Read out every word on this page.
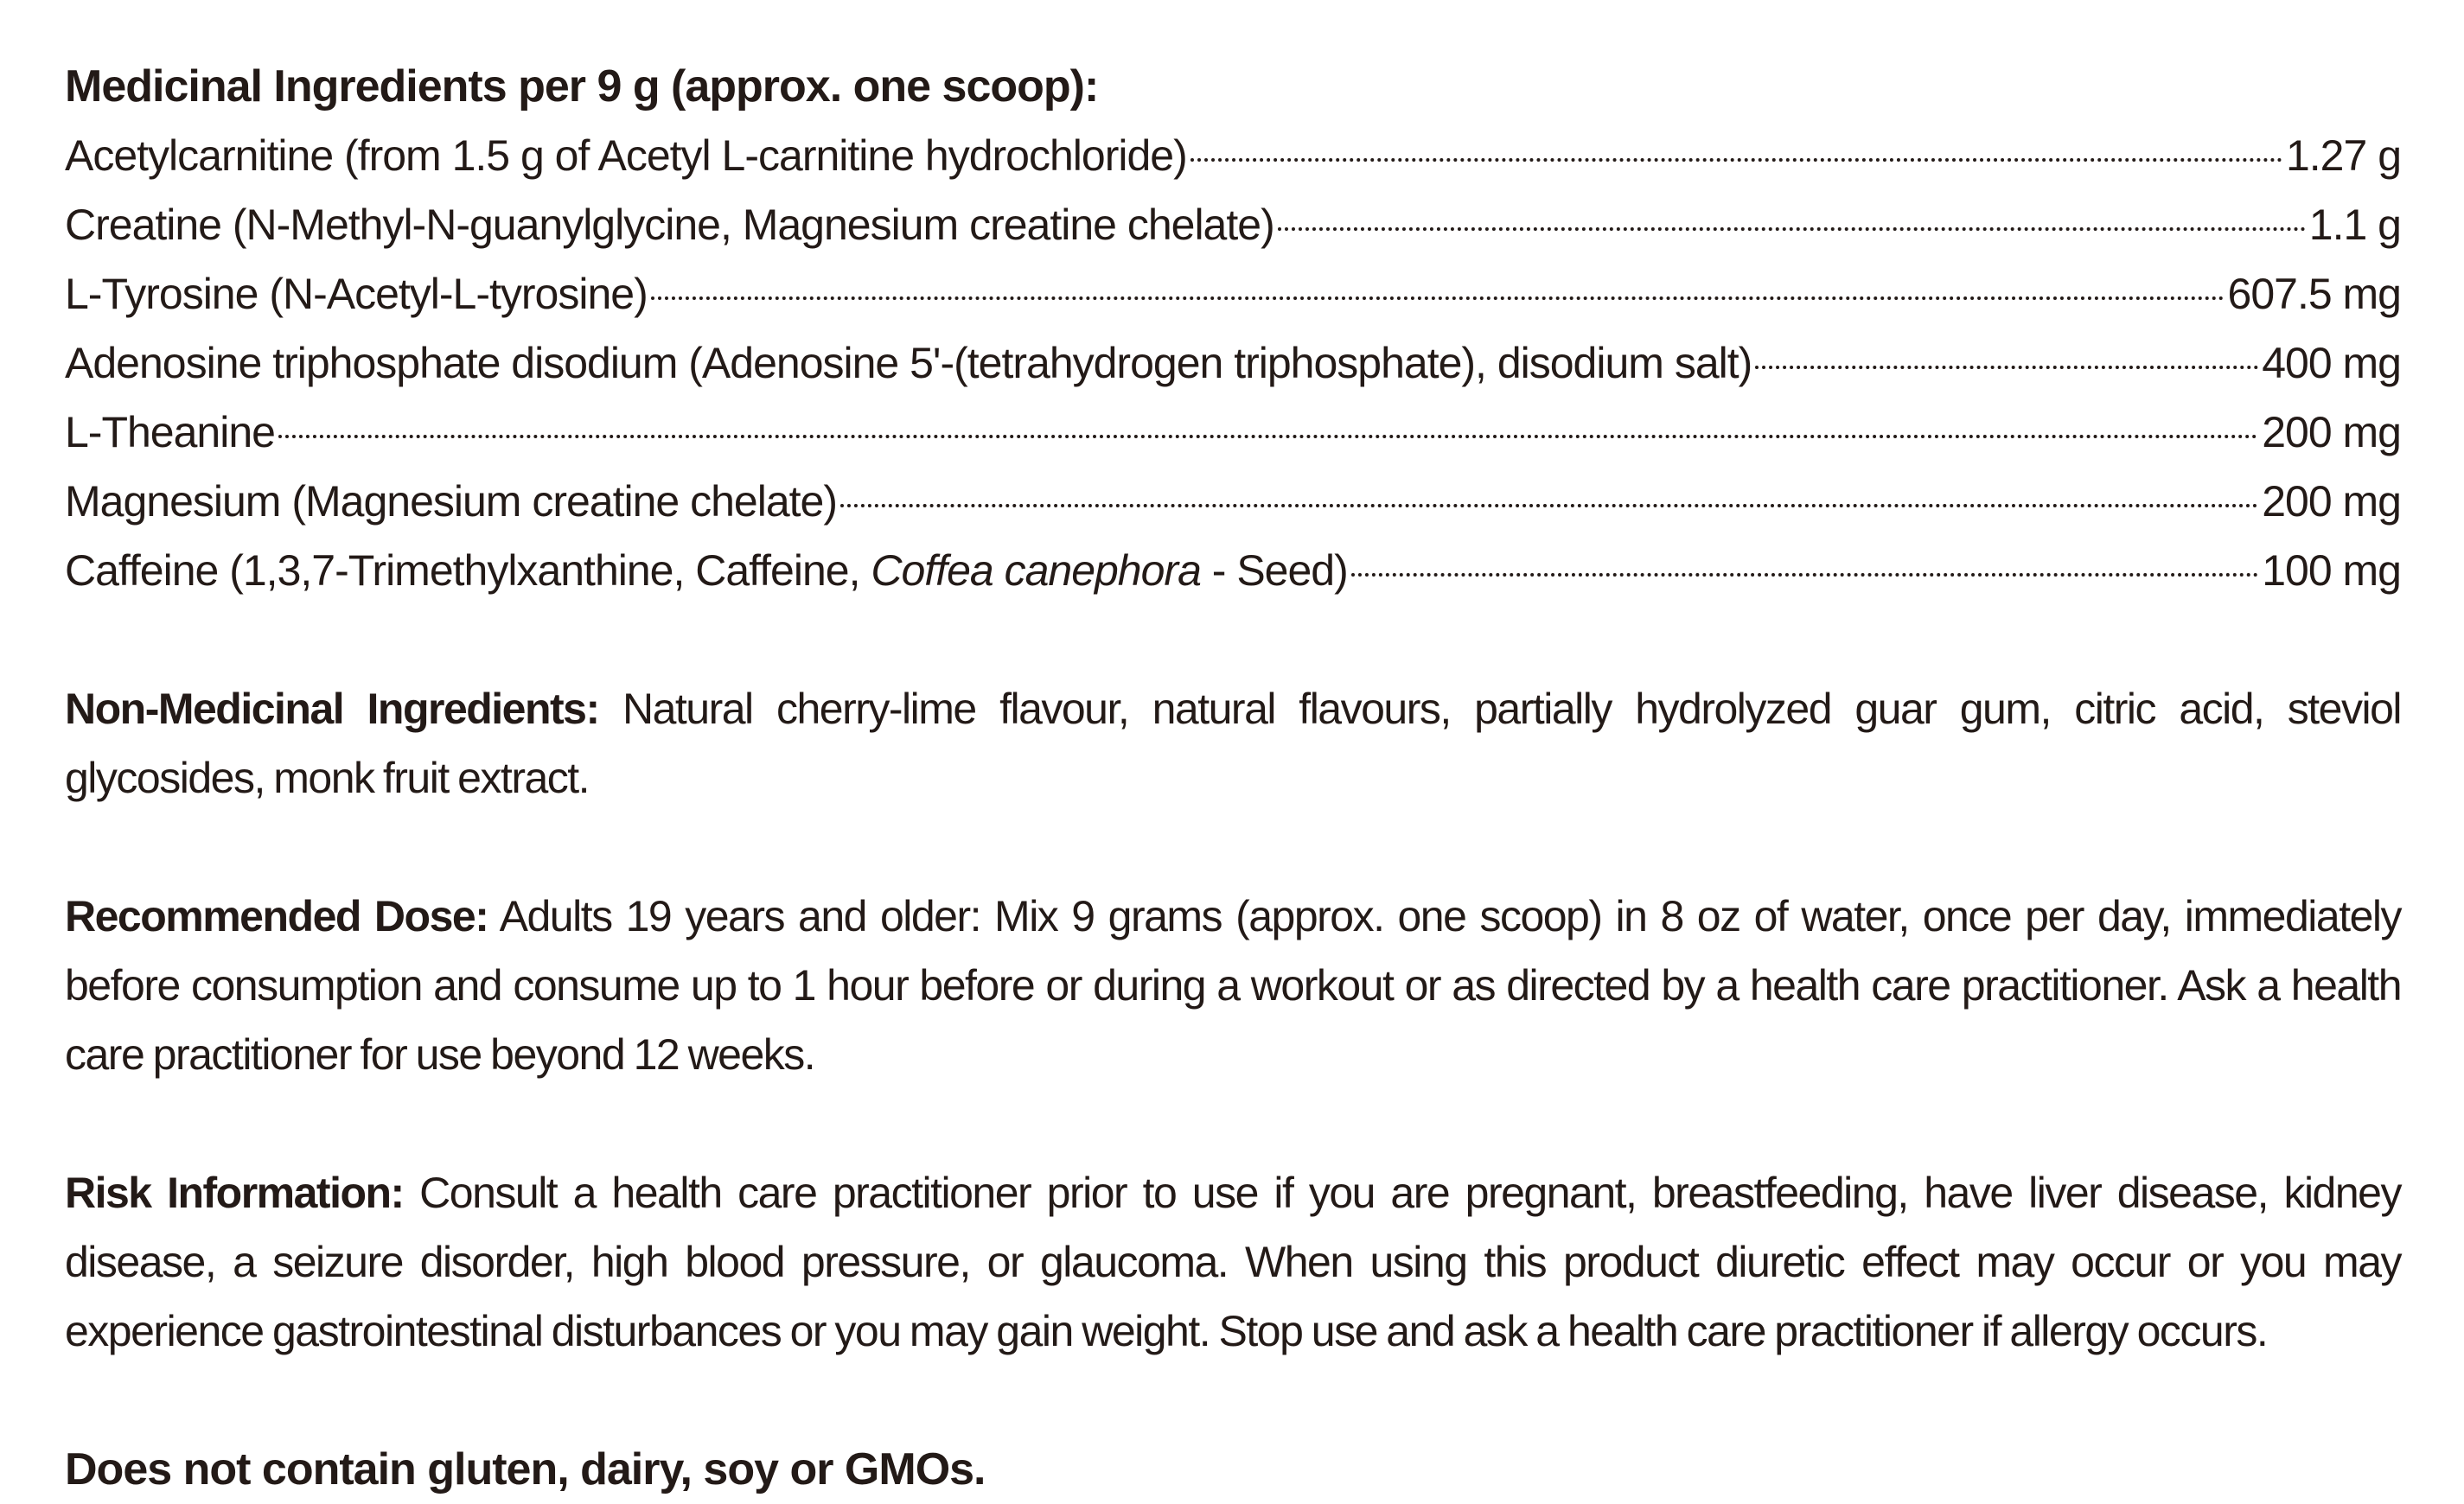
Medicinal Ingredients per 9 g (approx. one scoop):
Acetylcarnitine (from 1.5 g of Acetyl L-carnitine hydrochloride)	1.27 g
Creatine (N-Methyl-N-guanylglycine, Magnesium creatine chelate)	1.1 g
L-Tyrosine (N-Acetyl-L-tyrosine)	607.5 mg
Adenosine triphosphate disodium (Adenosine 5'-(tetrahydrogen triphosphate), disodium salt)	400 mg
L-Theanine	200 mg
Magnesium (Magnesium creatine chelate)	200 mg
Caffeine (1,3,7-Trimethylxanthine, Caffeine, Coffea canephora - Seed)	100 mg
Non-Medicinal Ingredients: Natural cherry-lime flavour, natural flavours, partially hydrolyzed guar gum, citric acid, steviol glycosides, monk fruit extract.
Recommended Dose: Adults 19 years and older: Mix 9 grams (approx. one scoop) in 8 oz of water, once per day, immediately before consumption and consume up to 1 hour before or during a workout or as directed by a health care practitioner. Ask a health care practitioner for use beyond 12 weeks.
Risk Information: Consult a health care practitioner prior to use if you are pregnant, breastfeeding, have liver disease, kidney disease, a seizure disorder, high blood pressure, or glaucoma. When using this product diuretic effect may occur or you may experience gastrointestinal disturbances or you may gain weight. Stop use and ask a health care practitioner if allergy occurs.
Does not contain gluten, dairy, soy or GMOs.
